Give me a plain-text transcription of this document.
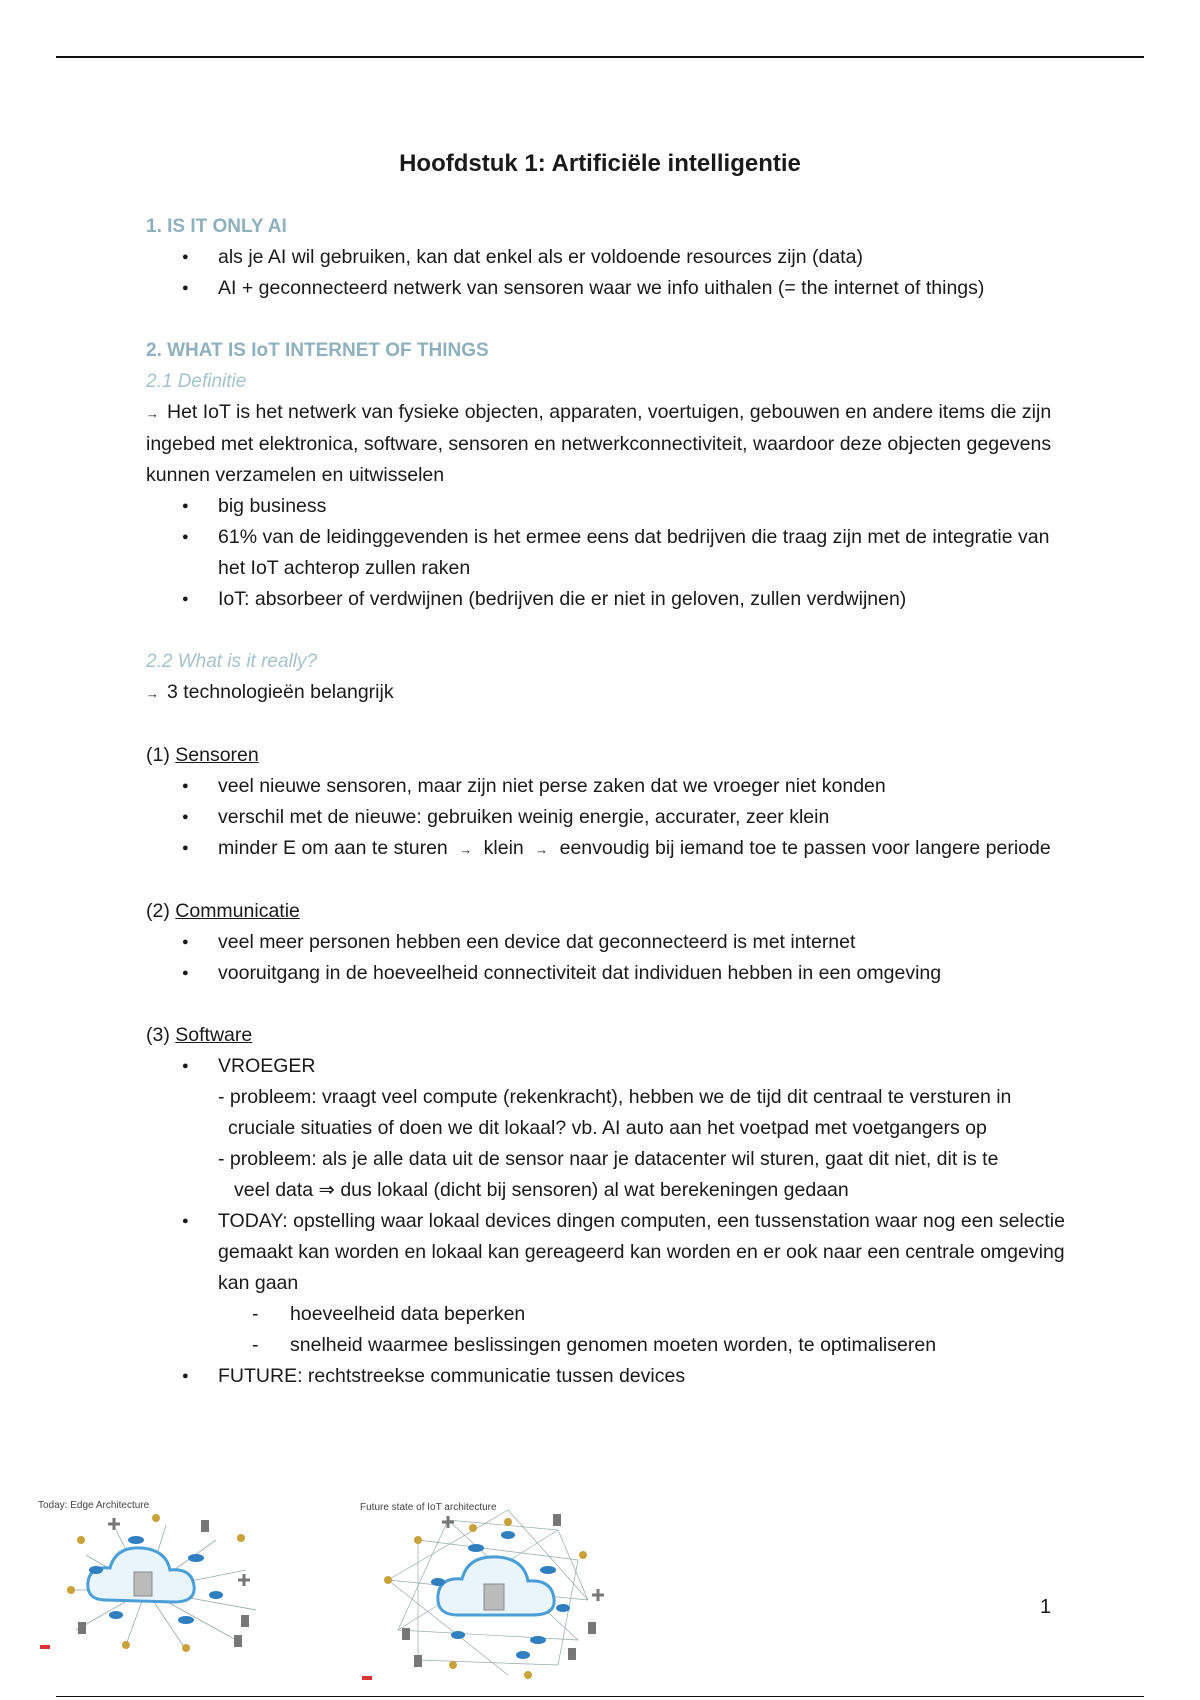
Hoofdstuk 1: Artificiële intelligentie
1. IS IT ONLY AI
● als je AI wil gebruiken, kan dat enkel als er voldoende resources zijn (data)
● AI + geconnecteerd netwerk van sensoren waar we info uithalen (= the internet of things)
2. WHAT IS IoT INTERNET OF THINGS
2.1 Definitie
→ Het IoT is het netwerk van fysieke objecten, apparaten, voertuigen, gebouwen en andere items die zijn ingebed met elektronica, software, sensoren en netwerkconnectiviteit, waardoor deze objecten gegevens kunnen verzamelen en uitwisselen
● big business
● 61% van de leidinggevenden is het ermee eens dat bedrijven die traag zijn met de integratie van het IoT achterop zullen raken
● IoT: absorbeer of verdwijnen (bedrijven die er niet in geloven, zullen verdwijnen)
2.2 What is it really?
→ 3 technologieën belangrijk
(1) Sensoren
● veel nieuwe sensoren, maar zijn niet perse zaken dat we vroeger niet konden
● verschil met de nieuwe: gebruiken weinig energie, accurater, zeer klein
● minder E om aan te sturen → klein → eenvoudig bij iemand toe te passen voor langere periode
(2) Communicatie
● veel meer personen hebben een device dat geconnecteerd is met internet
● vooruitgang in de hoeveelheid connectiviteit dat individuen hebben in een omgeving
(3) Software
● VROEGER
- probleem: vraagt veel compute (rekenkracht), hebben we de tijd dit centraal te versturen in
cruciale situaties of doen we dit lokaal? vb. AI auto aan het voetpad met voetgangers op
- probleem: als je alle data uit de sensor naar je datacenter wil sturen, gaat dit niet, dit is te
veel data ⇒ dus lokaal (dicht bij sensoren) al wat berekeningen gedaan
● TODAY: opstelling waar lokaal devices dingen computen, een tussenstation waar nog een selectie gemaakt kan worden en lokaal kan gereageerd kan worden en er ook naar een centrale omgeving kan gaan
- hoeveelheid data beperken
- snelheid waarmee beslissingen genomen moeten worden, te optimaliseren
● FUTURE: rechtstreekse communicatie tussen devices
Today: Edge Architecture	Future state of IoT architecture
1
